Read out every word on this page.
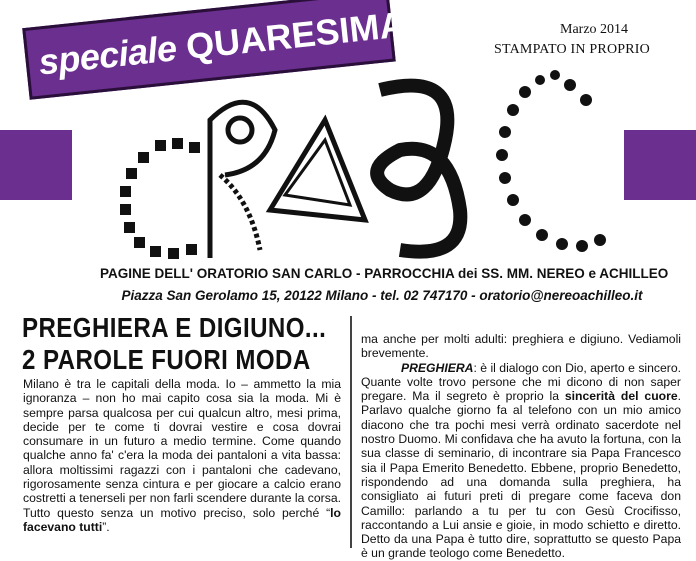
Marzo 2014
STAMPATO IN PROPRIO
speciale QUARESIMA
PAGINE DELL' ORATORIO SAN CARLO - PARROCCHIA dei SS. MM. NEREO e ACHILLEO
Piazza San Gerolamo 15, 20122 Milano - tel. 02 747170 - oratorio@nereoachilleo.it
PREGHIERA E DIGIUNO...
2 PAROLE FUORI MODA
Milano è tra le capitali della moda. Io – ammetto la mia ignoranza – non ho mai capito cosa sia la moda. Mi è sempre parsa qualcosa per cui qualcun altro, mesi prima, decide per te come ti dovrai vestire e cosa dovrai consumare in un futuro a medio termine. Come quando qualche anno fa' c'era la moda dei pantaloni a vita bassa: allora moltissimi ragazzi con i pantaloni che cadevano, rigorosamente senza cintura e per giocare a calcio erano costretti a tenerseli per non farli scendere durante la corsa. Tutto questo senza un motivo preciso, solo perché “lo facevano tutti”.
ma anche per molti adulti: preghiera e digiuno. Vediamoli brevemente.
PREGHIERA: è il dialogo con Dio, aperto e sincero. Quante volte trovo persone che mi dicono di non saper pregare. Ma il segreto è proprio la sincerità del cuore. Parlavo qualche giorno fa al telefono con un mio amico diacono che tra pochi mesi verrà ordinato sacerdote nel nostro Duomo. Mi confidava che ha avuto la fortuna, con la sua classe di seminario, di incontrare sia Papa Francesco sia il Papa Emerito Benedetto. Ebbene, proprio Benedetto, rispondendo ad una domanda sulla preghiera, ha consigliato ai futuri preti di pregare come faceva don Camillo: parlando a tu per tu con Gesù Crocifisso, raccontando a Lui ansie e gioie, in modo schietto e diretto. Detto da una Papa è tutto dire, soprattutto se questo Papa è un grande teologo come Benedetto.
